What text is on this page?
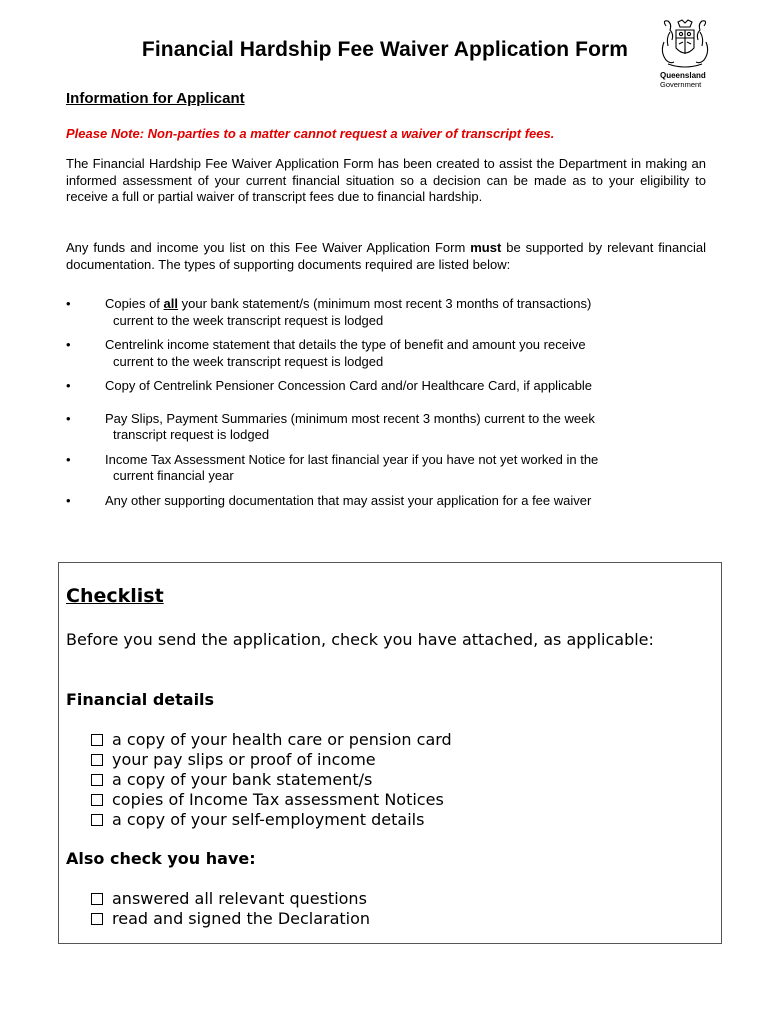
Financial Hardship Fee Waiver Application Form
Queensland
Government
Information for Applicant
Please Note: Non-parties to a matter cannot request a waiver of transcript fees.
The Financial Hardship Fee Waiver Application Form has been created to assist the Department in making an informed assessment of your current financial situation so a decision can be made as to your eligibility to receive a full or partial waiver of transcript fees due to financial hardship.
Any funds and income you list on this Fee Waiver Application Form must be supported by relevant financial documentation. The types of supporting documents required are listed below:
•	Copies of all your bank statement/s (minimum most recent 3 months of transactions)
current to the week transcript request is lodged
•	Centrelink income statement that details the type of benefit and amount you receive
current to the week transcript request is lodged
•	Copy of Centrelink Pensioner Concession Card and/or Healthcare Card, if applicable
•	Pay Slips, Payment Summaries (minimum most recent 3 months) current to the week
transcript request is lodged
•	Income Tax Assessment Notice for last financial year if you have not yet worked in the
current financial year
•	Any other supporting documentation that may assist your application for a fee waiver
Checklist
Before you send the application, check you have attached, as applicable:
Financial details
a copy of your health care or pension card
your pay slips or proof of income
a copy of your bank statement/s
copies of Income Tax assessment Notices
a copy of your self-employment details
Also check you have:
answered all relevant questions
read and signed the Declaration
